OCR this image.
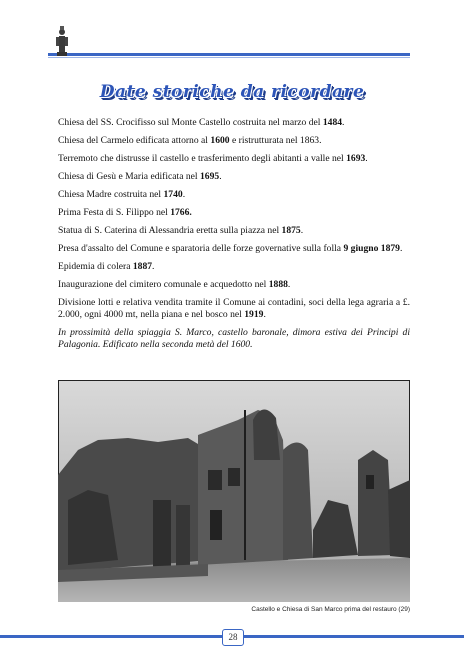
Date storiche da ricordare

Chiesa del SS. Crocifisso sul Monte Castello costruita nel marzo del 1484.

Chiesa del Carmelo edificata attorno al 1600 e ristrutturata nel 1863.

Terremoto che distrusse il castello e trasferimento degli abitanti a valle nel 1693.

Chiesa di Gesù e Maria edificata nel 1695.

Chiesa Madre costruita nel 1740.

Prima Festa di S. Filippo nel 1766.

Statua di S. Caterina di Alessandria eretta sulla piazza nel 1875.

Presa d'assalto del Comune e sparatoria delle forze governative sulla folla 9 giugno 1879.

Epidemia di colera 1887.

Inaugurazione del cimitero comunale e acquedotto nel 1888.

Divisione lotti e relativa vendita tramite il Comune ai contadini, soci della lega agraria a £. 2.000, ogni 4000 mt, nella piana e nel bosco nel 1919.

In prossimità della spiaggia S. Marco, castello baronale, dimora estiva dei Principi di Palagonia. Edificato nella seconda metà del 1600.

Castello e Chiesa di San Marco prima del restauro (29)
28
